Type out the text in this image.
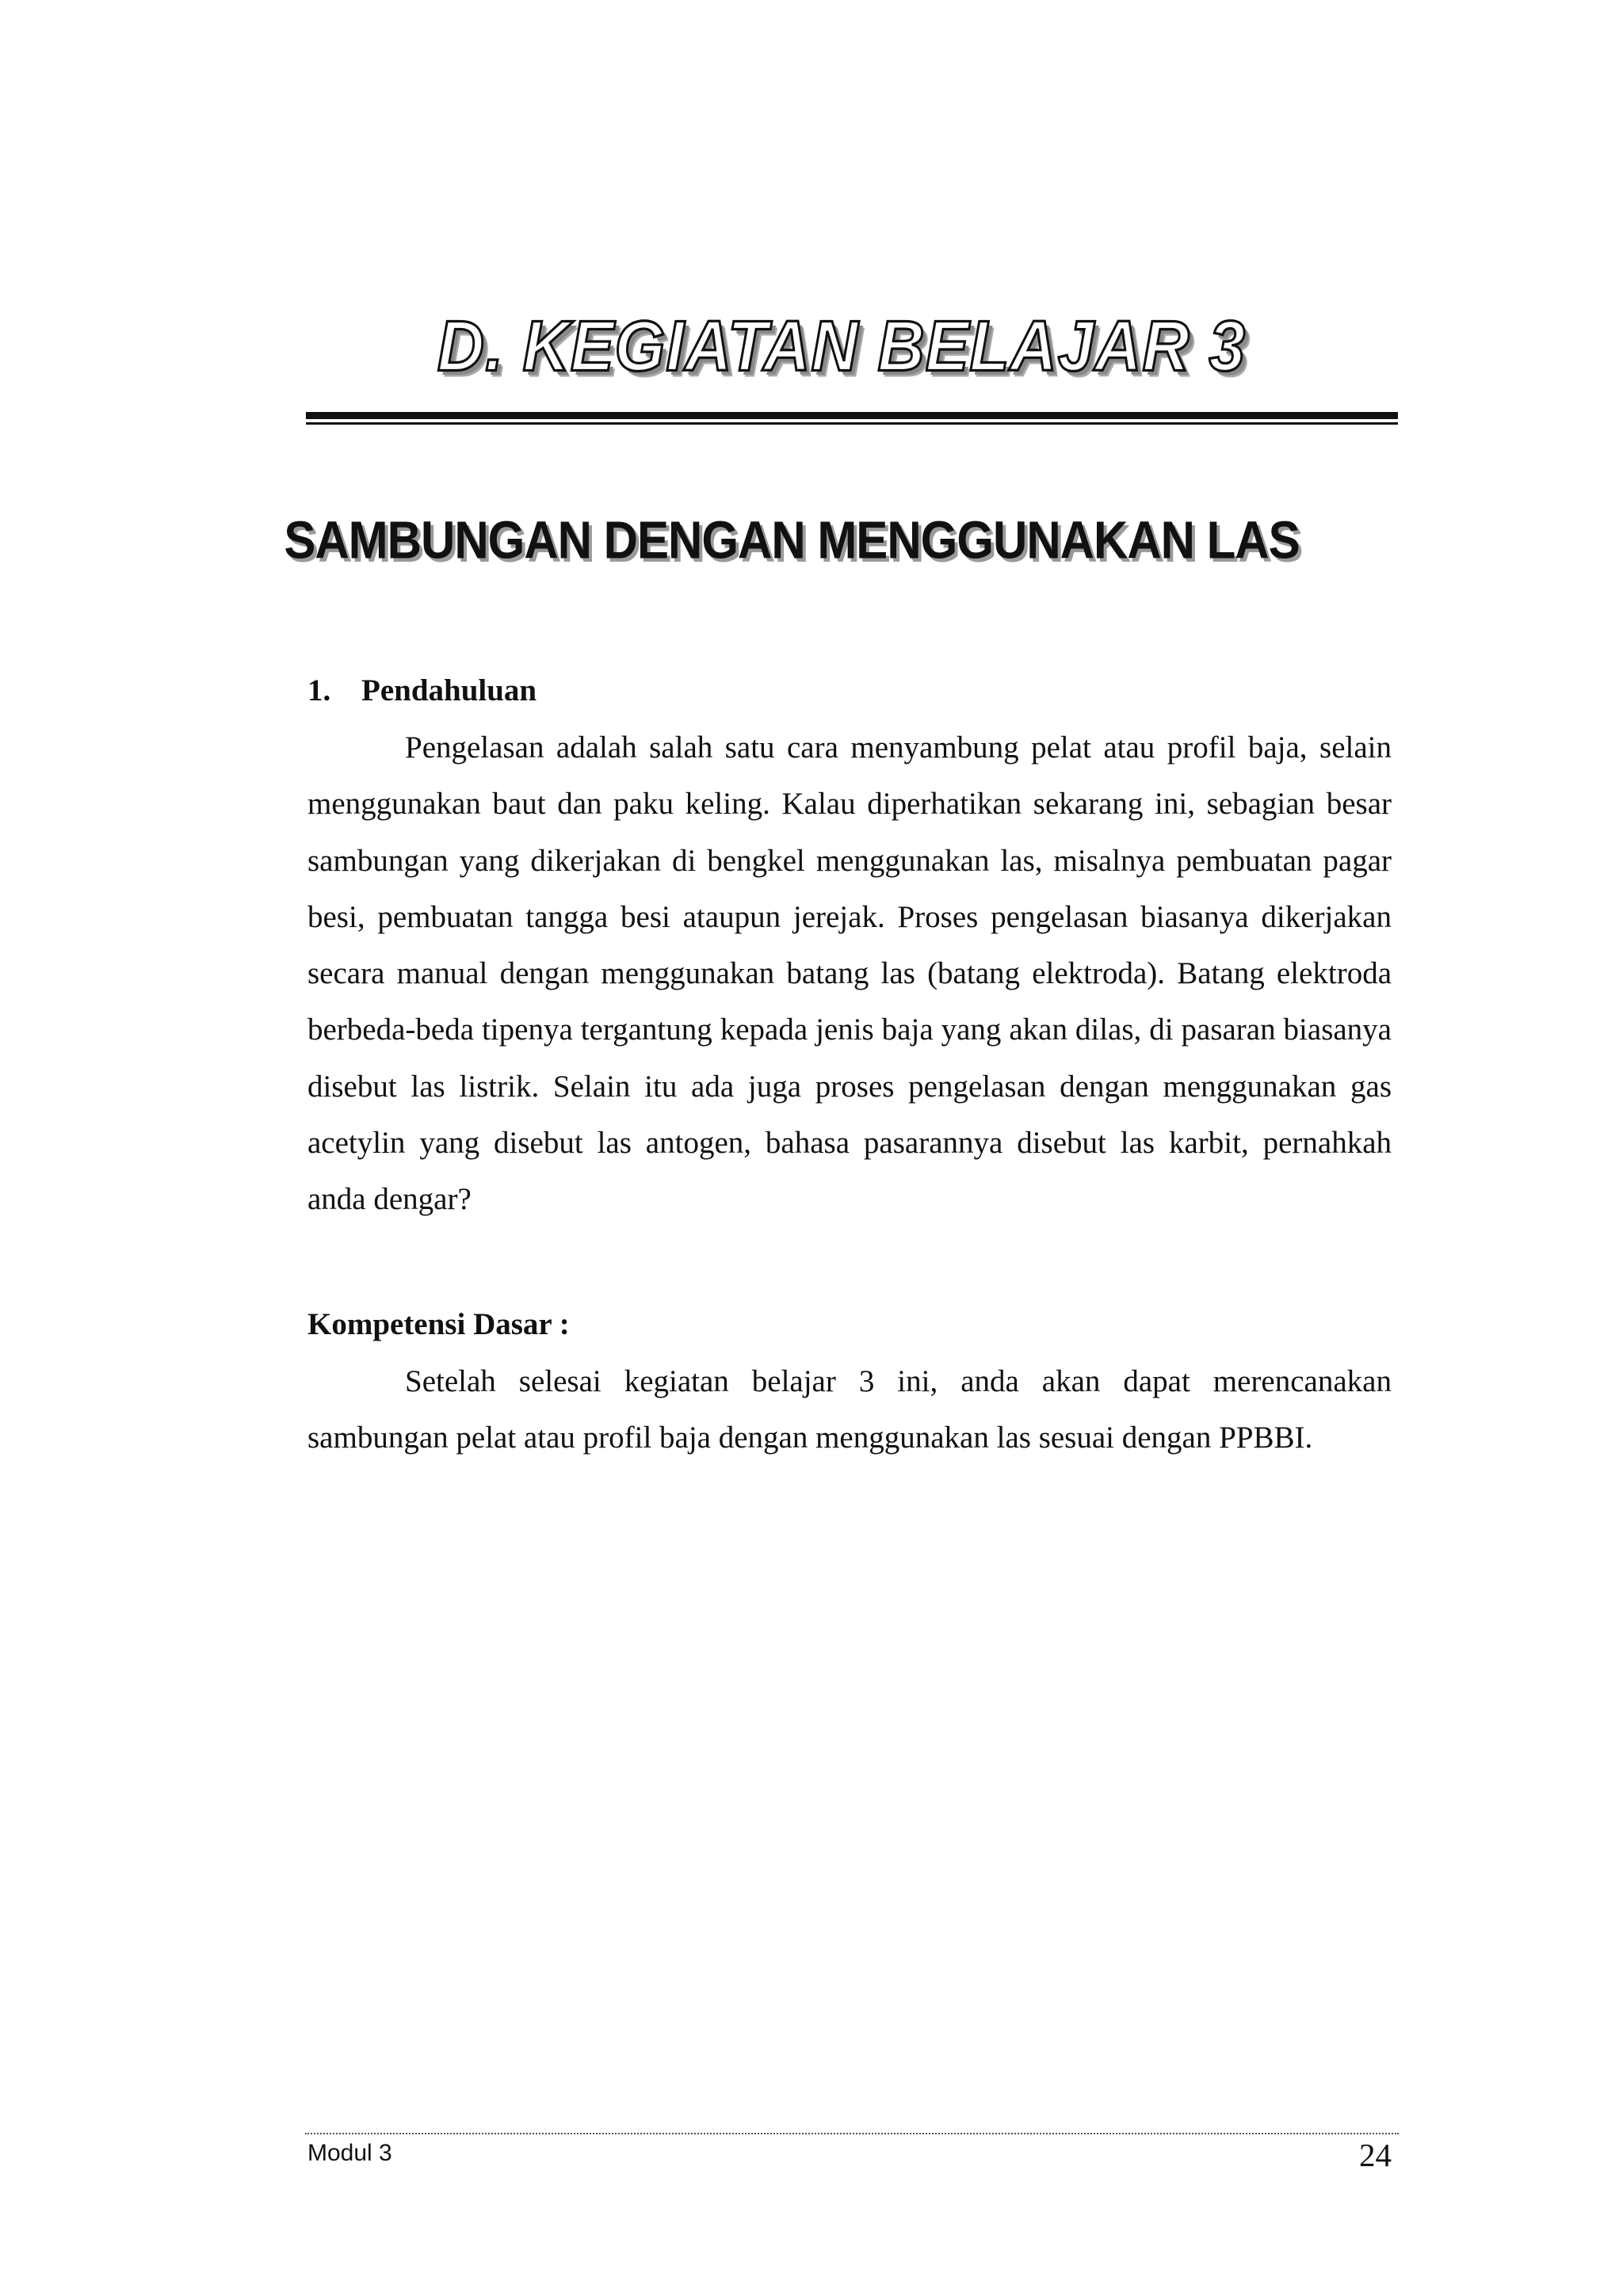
D. KEGIATAN BELAJAR 3
SAMBUNGAN DENGAN MENGGUNAKAN LAS
1. Pendahuluan

Pengelasan adalah salah satu cara menyambung pelat atau profil baja, selain menggunakan baut dan paku keling. Kalau diperhatikan sekarang ini, sebagian besar sambungan yang dikerjakan di bengkel menggunakan las, misalnya pembuatan pagar besi, pembuatan tangga besi ataupun jerejak. Proses pengelasan biasanya dikerjakan secara manual dengan menggunakan batang las (batang elektroda). Batang elektroda berbeda-beda tipenya tergantung kepada jenis baja yang akan dilas, di pasaran biasanya disebut las listrik. Selain itu ada juga proses pengelasan dengan menggunakan gas acetylin yang disebut las antogen, bahasa pasarannya disebut las karbit, pernahkah anda dengar?

Kompetensi Dasar :

Setelah selesai kegiatan belajar 3 ini, anda akan dapat merencanakan sambungan pelat atau profil baja dengan menggunakan las sesuai dengan PPBBI.

Modul 3	24
